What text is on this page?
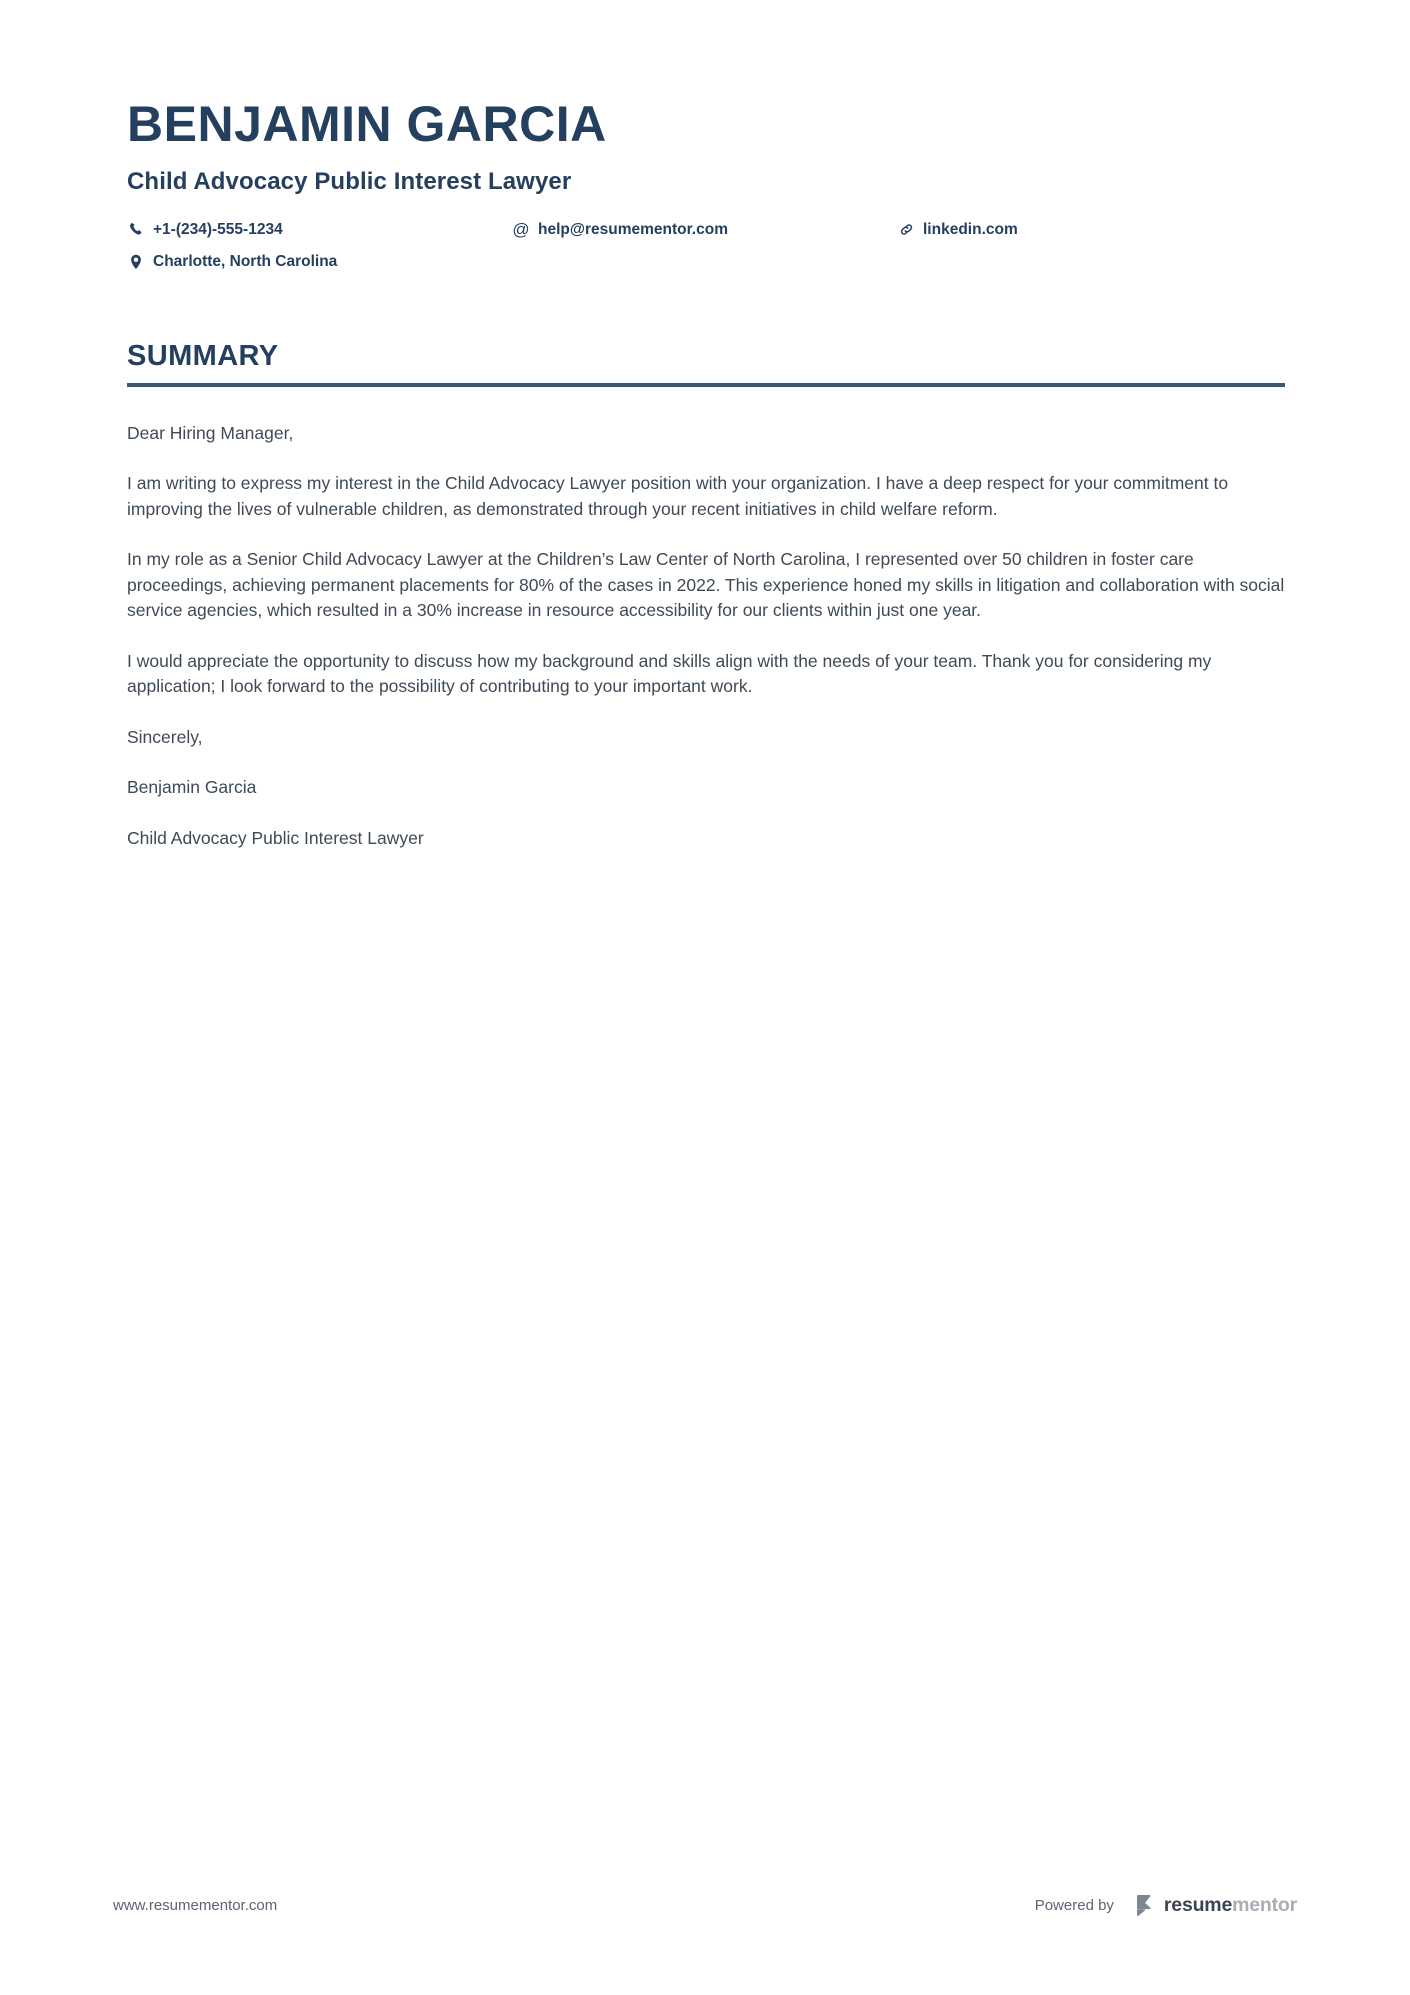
BENJAMIN GARCIA
Child Advocacy Public Interest Lawyer
+1-(234)-555-1234	@ help@resumementor.com	linkedin.com
Charlotte, North Carolina
SUMMARY

Dear Hiring Manager,

I am writing to express my interest in the Child Advocacy Lawyer position with your organization. I have a deep respect for your commitment to improving the lives of vulnerable children, as demonstrated through your recent initiatives in child welfare reform.

In my role as a Senior Child Advocacy Lawyer at the Children’s Law Center of North Carolina, I represented over 50 children in foster care proceedings, achieving permanent placements for 80% of the cases in 2022. This experience honed my skills in litigation and collaboration with social service agencies, which resulted in a 30% increase in resource accessibility for our clients within just one year.

I would appreciate the opportunity to discuss how my background and skills align with the needs of your team. Thank you for considering my application; I look forward to the possibility of contributing to your important work.

Sincerely,

Benjamin Garcia

Child Advocacy Public Interest Lawyer

www.resumementor.com	Powered by	resumementor
